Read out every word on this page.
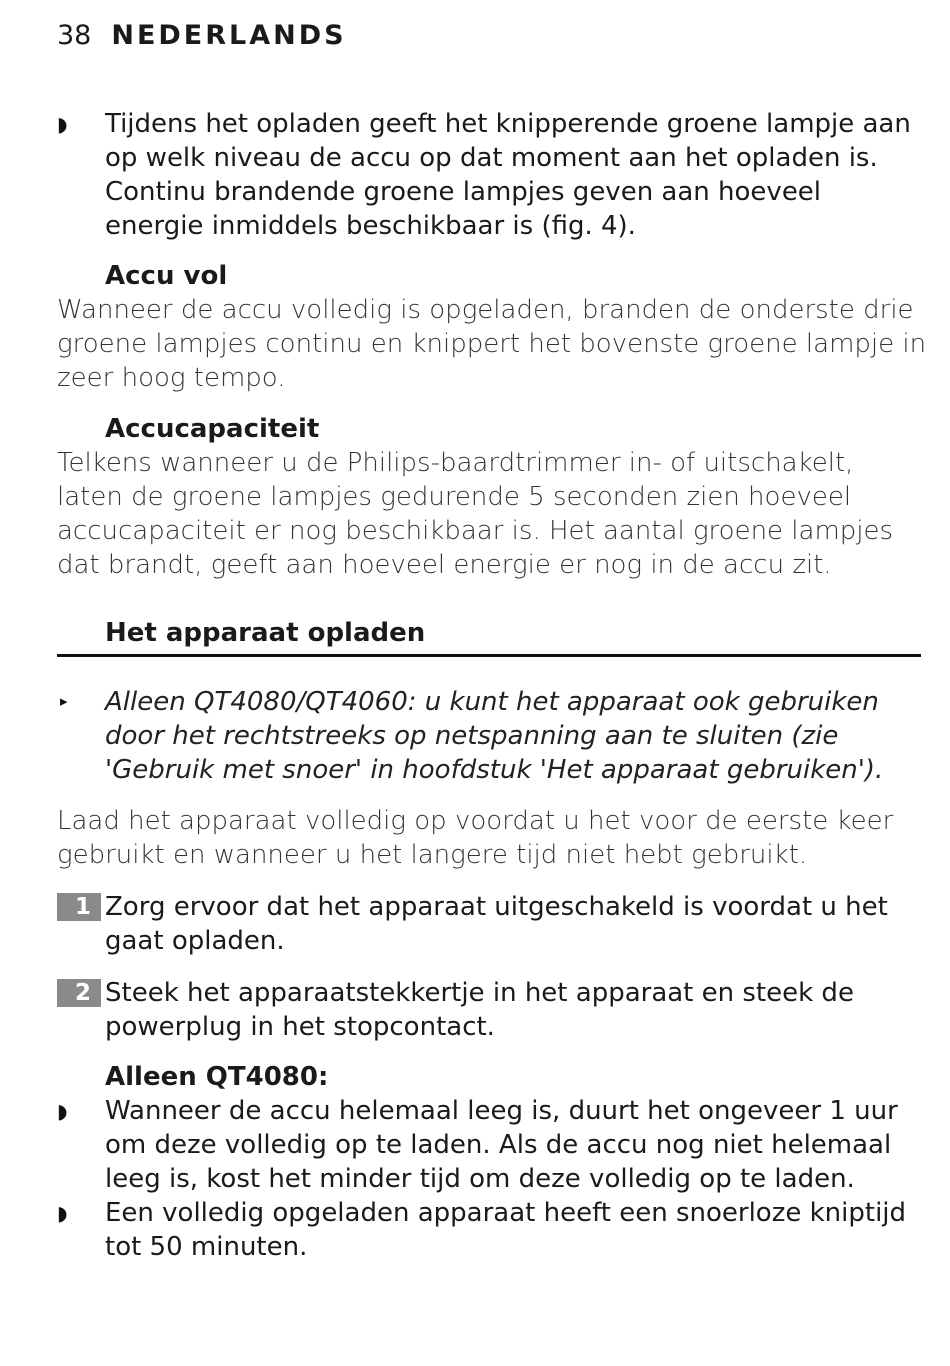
38 NEDERLANDS
◗ Tijdens het opladen geeft het knipperende groene lampje aan op welk niveau de accu op dat moment aan het opladen is. Continu brandende groene lampjes geven aan hoeveel energie inmiddels beschikbaar is (fig. 4).
Accu vol
Wanneer de accu volledig is opgeladen, branden de onderste drie groene lampjes continu en knippert het bovenste groene lampje in zeer hoog tempo.
Accucapaciteit
Telkens wanneer u de Philips-baardtrimmer in- of uitschakelt, laten de groene lampjes gedurende 5 seconden zien hoeveel accucapaciteit er nog beschikbaar is. Het aantal groene lampjes dat brandt, geeft aan hoeveel energie er nog in de accu zit.
Het apparaat opladen
▸ Alleen QT4080/QT4060: u kunt het apparaat ook gebruiken door het rechtstreeks op netspanning aan te sluiten (zie 'Gebruik met snoer' in hoofdstuk 'Het apparaat gebruiken').
Laad het apparaat volledig op voordat u het voor de eerste keer gebruikt en wanneer u het langere tijd niet hebt gebruikt.
1 Zorg ervoor dat het apparaat uitgeschakeld is voordat u het gaat opladen.
2 Steek het apparaatstekkertje in het apparaat en steek de powerplug in het stopcontact.
Alleen QT4080:
◗ Wanneer de accu helemaal leeg is, duurt het ongeveer 1 uur om deze volledig op te laden. Als de accu nog niet helemaal leeg is, kost het minder tijd om deze volledig op te laden.
◗ Een volledig opgeladen apparaat heeft een snoerloze kniptijd tot 50 minuten.
